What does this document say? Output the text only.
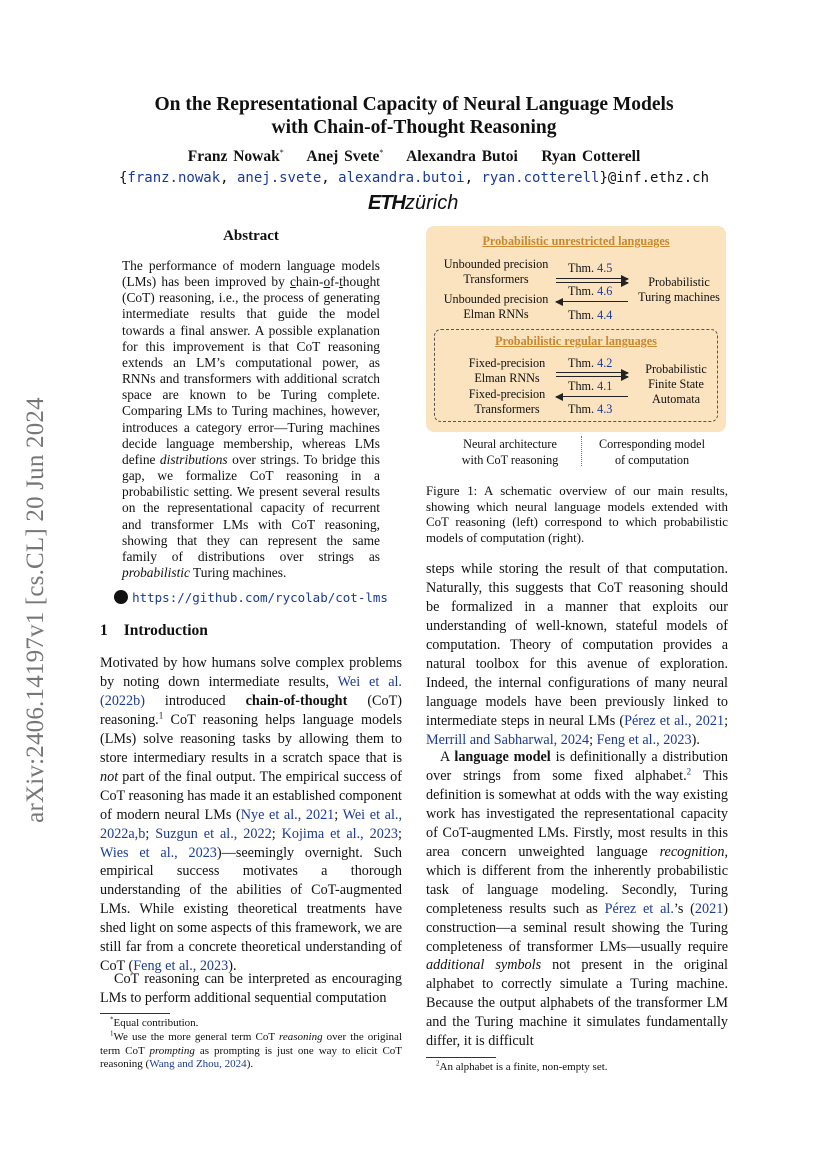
arXiv:2406.14197v1 [cs.CL] 20 Jun 2024
On the Representational Capacity of Neural Language Models
with Chain-of-Thought Reasoning
Franz Nowak* Anej Svete* Alexandra Butoi Ryan Cotterell
{franz.nowak, anej.svete, alexandra.butoi, ryan.cotterell}@inf.ethz.ch
ETHzürich
Abstract
The performance of modern language models (LMs) has been improved by chain-of-thought (CoT) reasoning, i.e., the process of generating intermediate results that guide the model towards a final answer. A possible explanation for this improvement is that CoT reasoning extends an LM’s computational power, as RNNs and transformers with additional scratch space are known to be Turing complete. Comparing LMs to Turing machines, however, introduces a category error—Turing machines decide language membership, whereas LMs define distributions over strings. To bridge this gap, we formalize CoT reasoning in a probabilistic setting. We present several results on the representational capacity of recurrent and transformer LMs with CoT reasoning, showing that they can represent the same family of distributions over strings as probabilistic Turing machines.
https://github.com/rycolab/cot-lms
1 Introduction
Motivated by how humans solve complex problems by noting down intermediate results, Wei et al. (2022b) introduced chain-of-thought (CoT) reasoning.$^1$ CoT reasoning helps language models (LMs) solve reasoning tasks by allowing them to store intermediary results in a scratch space that is not part of the final output. The empirical success of CoT reasoning has made it an established component of modern neural LMs (Nye et al., 2021; Wei et al., 2022a,b; Suzgun et al., 2022; Kojima et al., 2023; Wies et al., 2023)—seemingly overnight. Such empirical success motivates a thorough understanding of the abilities of CoT-augmented LMs. While existing theoretical treatments have shed light on some aspects of this framework, we are still far from a concrete theoretical understanding of CoT (Feng et al., 2023).
CoT reasoning can be interpreted as encouraging LMs to perform additional sequential computation

*Equal contribution.

$^1$We use the more general term CoT reasoning over the original term CoT prompting as prompting is just one way to elicit CoT reasoning (Wang and Zhou, 2024).

Probabilistic unrestricted languages
Unbounded precision
Transformers
Unbounded precision
Elman RNNs
Probabilistic
Turing machines
Thm. 4.5
Thm. 4.6
Thm. 4.4
Probabilistic regular languages
Fixed-precision
Elman RNNs
Fixed-precision
Transformers
Probabilistic
Finite State
Automata
Thm. 4.2
Thm. 4.1
Thm. 4.3
Neural architecture
with CoT reasoning
Corresponding model
of computation
Figure 1: A schematic overview of our main results, showing which neural language models extended with CoT reasoning (left) correspond to which probabilistic models of computation (right).
steps while storing the result of that computation. Naturally, this suggests that CoT reasoning should be formalized in a manner that exploits our understanding of well-known, stateful models of computation. Theory of computation provides a natural toolbox for this avenue of exploration. Indeed, the internal configurations of many neural language models have been previously linked to intermediate steps in neural LMs (Pérez et al., 2021; Merrill and Sabharwal, 2024; Feng et al., 2023).
A language model is definitionally a distribution over strings from some fixed alphabet.$^2$ This definition is somewhat at odds with the way existing work has investigated the representational capacity of CoT-augmented LMs. Firstly, most results in this area concern unweighted language recognition, which is different from the inherently probabilistic task of language modeling. Secondly, Turing completeness results such as Pérez et al.’s (2021) construction—a seminal result showing the Turing completeness of transformer LMs—usually require additional symbols not present in the original alphabet to correctly simulate a Turing machine. Because the output alphabets of the transformer LM and the Turing machine it simulates fundamentally differ, it is difficult
$^2$An alphabet is a finite, non-empty set.
